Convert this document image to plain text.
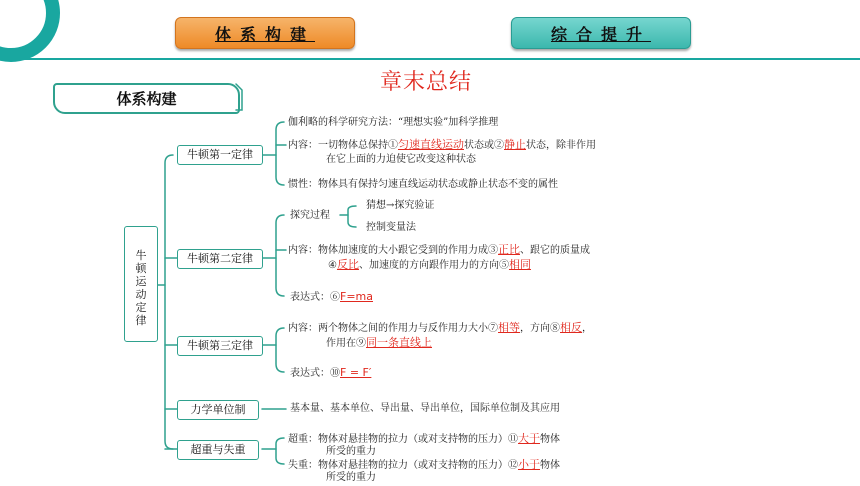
体系构建	综合提升
章末总结
体系构建
牛顿运动定律
牛顿第一定律
伽利略的科学研究方法：“理想实验”加科学推理
内容：一切物体总保持①匀速直线运动状态或②静止状态，除非作用
在它上面的力迫使它改变这种状态
惯性：物体具有保持匀速直线运动状态或静止状态不变的属性
牛顿第二定律
探究过程
猜想→探究验证
控制变量法
内容：物体加速度的大小跟它受到的作用力成③正比、跟它的质量成
④反比、加速度的方向跟作用力的方向⑤相同
表达式：⑥F=ma
牛顿第三定律
内容：两个物体之间的作用力与反作用力大小⑦相等，方向⑧相反，
作用在⑨同一条直线上
表达式：⑩F = F′
力学单位制	基本量、基本单位、导出量、导出单位，国际单位制及其应用
超重与失重
超重：物体对悬挂物的拉力（或对支持物的压力）⑪大于物体
所受的重力
失重：物体对悬挂物的拉力（或对支持物的压力）⑫小于物体
所受的重力
